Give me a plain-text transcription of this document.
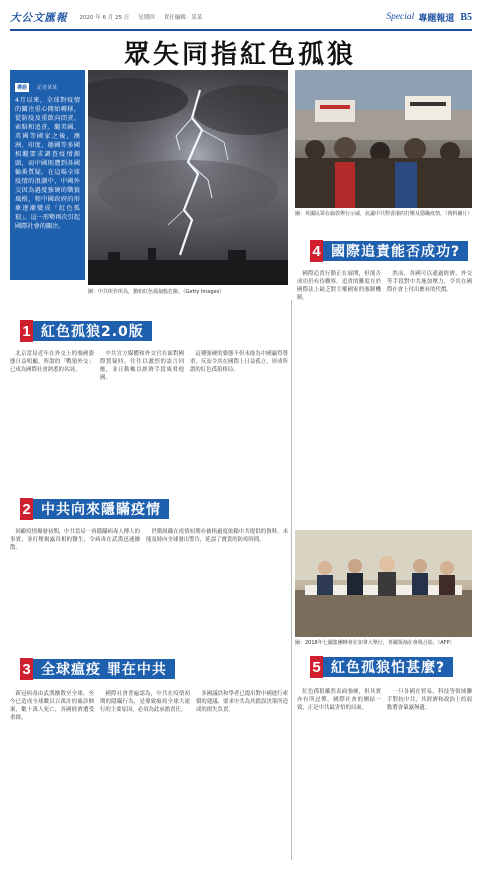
大公文匯報 2020 年 6 月 25 日 　 星期四 　 責任編輯：某某	Special 專題報道 B5
眾矢同指紅色孤狼
導語 記者某某
4月以來，全球對疫情的關注重心開始轉移，從防疫及重啟向問責、索賠和追責。繼美國、英國等國家之後，澳洲、印度、德國等多國相繼要求調查疫情源頭，而中國則遭到各國輪番質疑。在這場全球疫情的浪潮中，中國外交因為過度強硬的戰狼風格，和中國政府的形象逐漸變成「紅色孤狼」。這一形勢再次引起國際社會的關注。
圖：中共所作所為，猶如紅色孤狼般危險。（Getty Images）
圖：英國民眾在倫敦舉行示威，抗議中共對香港的打壓及隱瞞疫情。（資料圖片）
1 紅色孤狼2.0版

北京當局近年在外交上的強硬姿態日益明顯，所謂的「戰狼外交」已成為國際社會熟悉的名詞。

中共官方媒體和外交官在面對國際質疑時，往往以激烈的語言回應，並且動輒以經濟手段威脅他國。

這種強硬的姿態不但未能為中國贏得尊重，反而令其在國際上日益孤立，形成所謂的紅色孤狼格局。

2 中共向來隱瞞疫情

回顧疫情爆發初期，中共當局一再隱瞞病毒人傳人的事實，並打壓揭露真相的醫生，令病毒在武漢迅速擴散。

世衛組織在疫情初期亦被指過度依賴中共提供的資料，未能及時向全球發出警告，延誤了寶貴的防疫時間。

3 全球瘟疫 罪在中共

新冠病毒由武漢擴散至全球，至今已造成全球數以百萬計的確診個案，數十萬人死亡，各國經濟遭受重創。

國際社會普遍認為，中共在疫情初期的隱瞞行為，是導致瘟疫全球大流行的主要原因，必須為此承擔責任。

多國議員和學者已提出對中國進行索償的建議，要求中共為其錯誤決策所造成的損失負責。

4 國際追責能否成功?

國際追責行動正在展開，但能否成功仍有待觀察。追責的難度在於國際法上缺乏對主權國家的強制機制。

然而，各國可以通過經濟、外交等手段對中共施加壓力，令其在國際社會上付出應有的代價。

圖：2018年七國集團峰會在加拿大舉行，各國領袖在會場合影。（AFP）
5 紅色孤狼怕甚麼?

紅色孤狼雖然表面強硬，但其實亦有所忌憚。國際社會的團結一致，正是中共最害怕的局面。

一旦各國在貿易、科技等領域聯手對抗中共，其經濟和政治上的弱點將會暴露無遺。
